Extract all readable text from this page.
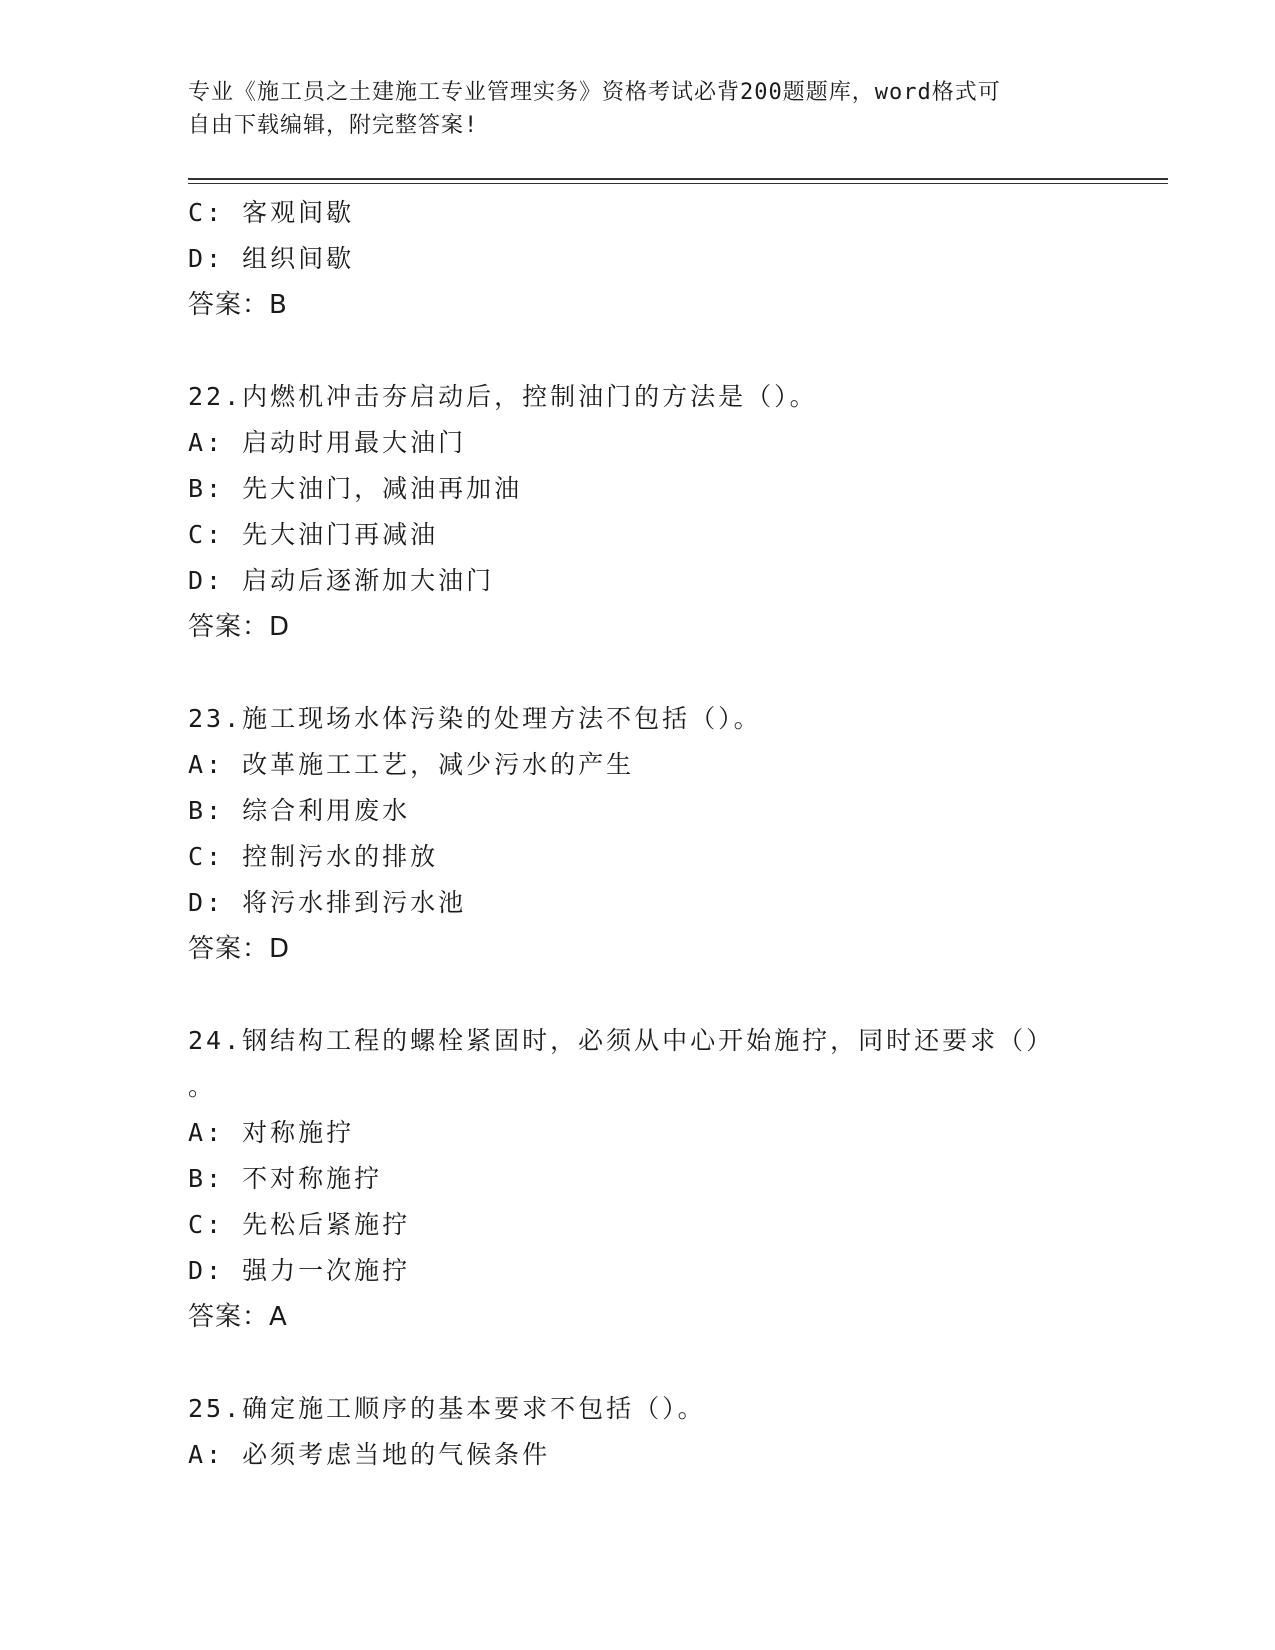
专业《施工员之土建施工专业管理实务》资格考试必背200题题库，word格式可
自由下载编辑，附完整答案!
C: 客观间歇
D: 组织间歇
答案：B
22.内燃机冲击夯启动后，控制油门的方法是（）。
A: 启动时用最大油门
B: 先大油门，减油再加油
C: 先大油门再减油
D: 启动后逐渐加大油门
答案：D
23.施工现场水体污染的处理方法不包括（）。
A: 改革施工工艺，减少污水的产生
B: 综合利用废水
C: 控制污水的排放
D: 将污水排到污水池
答案：D
24.钢结构工程的螺栓紧固时，必须从中心开始施拧，同时还要求（）
。
A: 对称施拧
B: 不对称施拧
C: 先松后紧施拧
D: 强力一次施拧
答案：A
25.确定施工顺序的基本要求不包括（）。
A: 必须考虑当地的气候条件
